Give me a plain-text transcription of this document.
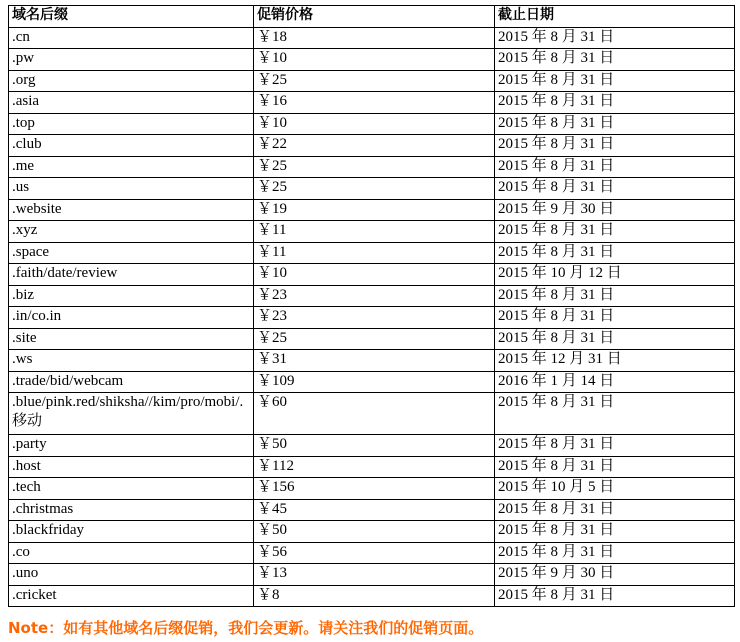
域名后缀	促销价格	截止日期
.cn	￥18	2015 年 8 月 31 日
.pw	￥10	2015 年 8 月 31 日
.org	￥25	2015 年 8 月 31 日
.asia	￥16	2015 年 8 月 31 日
.top	￥10	2015 年 8 月 31 日
.club	￥22	2015 年 8 月 31 日
.me	￥25	2015 年 8 月 31 日
.us	￥25	2015 年 8 月 31 日
.website	￥19	2015 年 9 月 30 日
.xyz	￥11	2015 年 8 月 31 日
.space	￥11	2015 年 8 月 31 日
.faith/date/review	￥10	2015 年 10 月 12 日
.biz	￥23	2015 年 8 月 31 日
.in/co.in	￥23	2015 年 8 月 31 日
.site	￥25	2015 年 8 月 31 日
.ws	￥31	2015 年 12 月 31 日
.trade/bid/webcam	￥109	2016 年 1 月 14 日
.blue/pink.red/shiksha//kim/pro/mobi/.移动	￥60	2015 年 8 月 31 日
.party	￥50	2015 年 8 月 31 日
.host	￥112	2015 年 8 月 31 日
.tech	￥156	2015 年 10 月 5 日
.christmas	￥45	2015 年 8 月 31 日
.blackfriday	￥50	2015 年 8 月 31 日
.co	￥56	2015 年 8 月 31 日
.uno	￥13	2015 年 9 月 30 日
.cricket	￥8	2015 年 8 月 31 日
Note：如有其他域名后缀促销，我们会更新。请关注我们的促销页面。
